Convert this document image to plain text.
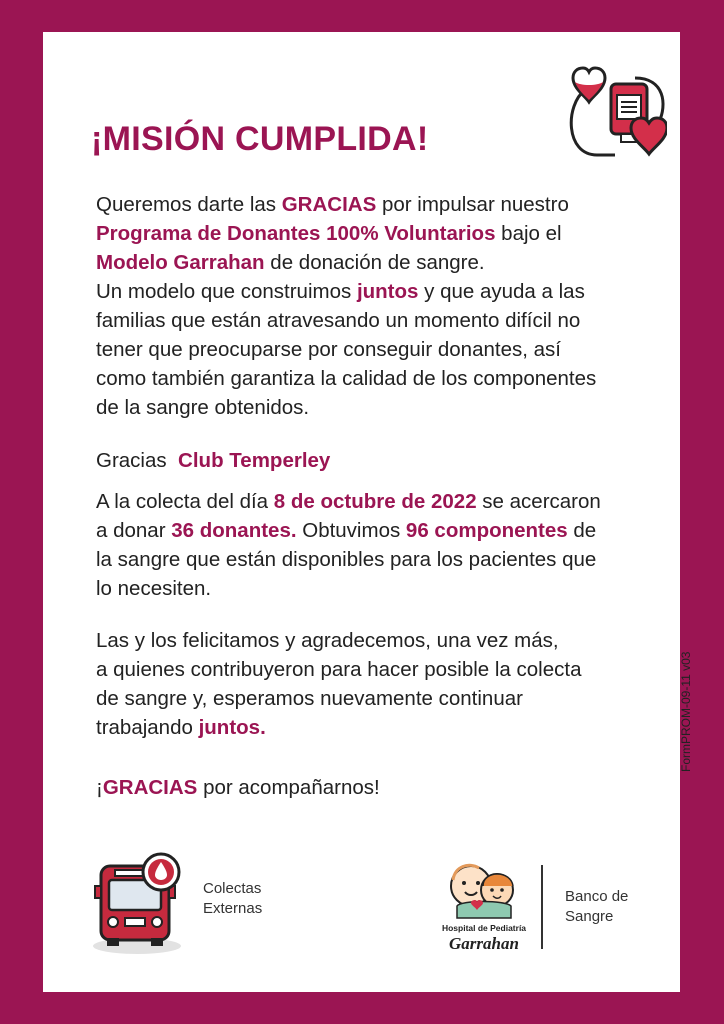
¡MISIÓN CUMPLIDA!

Queremos darte las GRACIAS por impulsar nuestro
Programa de Donantes 100% Voluntarios bajo el
Modelo Garrahan de donación de sangre.
Un modelo que construimos juntos y que ayuda a las familias que están atravesando un momento difícil no tener que preocuparse por conseguir donantes, así como también garantiza la calidad de los componentes de la sangre obtenidos.

Gracias Club Temperley

A la colecta del día 8 de octubre de 2022 se acercaron a donar 36 donantes. Obtuvimos 96 componentes de la sangre que están disponibles para los pacientes que lo necesiten.

Las y los felicitamos y agradecemos, una vez más,
a quienes contribuyeron para hacer posible la colecta
de sangre y, esperamos nuevamente continuar
trabajando juntos.

¡GRACIAS por acompañarnos!

FormPROM-09-11 v03
Colectas
Externas
Hospital de Pediatría
Garrahan
Banco de
Sangre
